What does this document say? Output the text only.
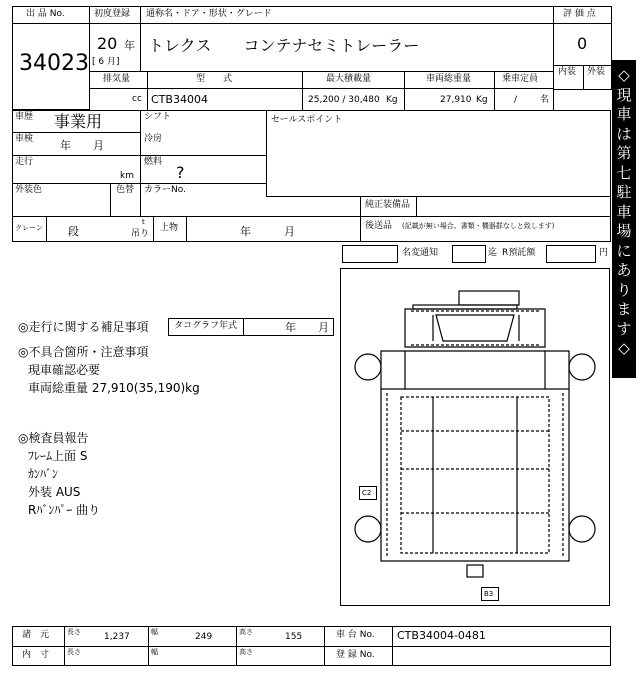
出 品 No.
34023
初度登録
20 年
[ 6 月]
通称名・ドア・形状・グレード
トレクス　　コンテナセミトレーラー
評 価 点
0
内装 外装
排気量
cc
型　　式
CTB34004
最大積載量
25,200 / 30,480 Kg
車両総重量
27,910 Kg
乗車定員
/	名
車歴 事業用	シフト	セールスポイント
車検 年　　月	冷房
走行
km
燃料
?
外装色	色替 カラーNo.
純正装備品
後送品 (記載が無い場合、書類・機器群なしと致します)
クレーン 段
t
吊り
上物	年　　　月
名変通知	迄 R預託額	円
◇現車は第七駐車場にあります◇
◎走行に関する補足事項	タコグラフ年式	年　　月
◎不具合箇所・注意事項
現車確認必要
車両総重量 27,910(35,190)kg
◎検査員報告
ﾌﾚｰﾑ上面 S
ｶﾝﾊﾞﾝ
外装 AUS
Rﾊﾞﾝﾊﾟｰ 曲り
C2
B3
諸　元	長さ	1,237	幅	249	高さ	155	車 台 No. CTB34004-0481
内　寸	長さ	幅	高さ	登 録 No.
